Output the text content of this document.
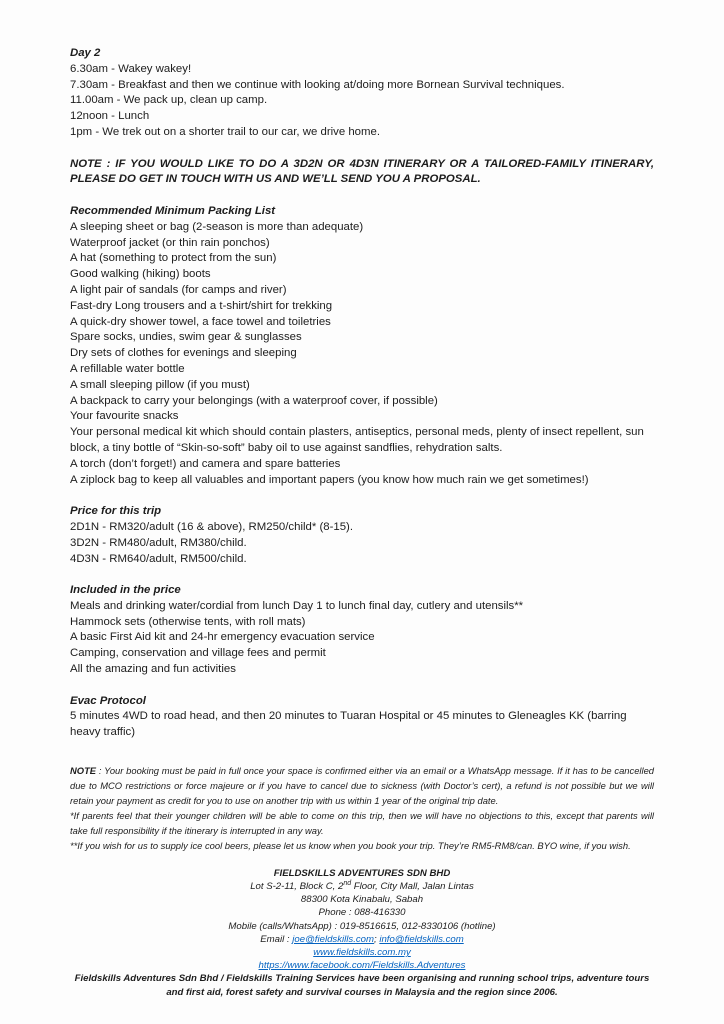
Day 2
6.30am - Wakey wakey!
7.30am - Breakfast and then we continue with looking at/doing more Bornean Survival techniques.
11.00am - We pack up, clean up camp.
12noon - Lunch
1pm - We trek out on a shorter trail to our car, we drive home.
NOTE : IF YOU WOULD LIKE TO DO A 3D2N OR 4D3N ITINERARY OR A TAILORED-FAMILY ITINERARY, PLEASE DO GET IN TOUCH WITH US AND WE’LL SEND YOU A PROPOSAL.
Recommended Minimum Packing List
A sleeping sheet or bag (2-season is more than adequate)
Waterproof jacket (or thin rain ponchos)
A hat (something to protect from the sun)
Good walking (hiking) boots
A light pair of sandals (for camps and river)
Fast-dry Long trousers and a t-shirt/shirt for trekking
A quick-dry shower towel, a face towel and toiletries
Spare socks, undies, swim gear & sunglasses
Dry sets of clothes for evenings and sleeping
A refillable water bottle
A small sleeping pillow (if you must)
A backpack to carry your belongings (with a waterproof cover, if possible)
Your favourite snacks
Your personal medical kit which should contain plasters, antiseptics, personal meds, plenty of insect repellent, sun block, a tiny bottle of “Skin-so-soft” baby oil to use against sandflies, rehydration salts.
A torch (don’t forget!) and camera and spare batteries
A ziplock bag to keep all valuables and important papers (you know how much rain we get sometimes!)
Price for this trip
2D1N - RM320/adult (16 & above), RM250/child* (8-15).
3D2N - RM480/adult, RM380/child.
4D3N - RM640/adult, RM500/child.
Included in the price
Meals and drinking water/cordial from lunch Day 1 to lunch final day, cutlery and utensils**
Hammock sets (otherwise tents, with roll mats)
A basic First Aid kit and 24-hr emergency evacuation service
Camping, conservation and village fees and permit
All the amazing and fun activities
Evac Protocol
5 minutes 4WD to road head, and then 20 minutes to Tuaran Hospital or 45 minutes to Gleneagles KK (barring heavy traffic)
NOTE : Your booking must be paid in full once your space is confirmed either via an email or a WhatsApp message. If it has to be cancelled due to MCO restrictions or force majeure or if you have to cancel due to sickness (with Doctor’s cert), a refund is not possible but we will retain your payment as credit for you to use on another trip with us within 1 year of the original trip date.
*If parents feel that their younger children will be able to come on this trip, then we will have no objections to this, except that parents will take full responsibility if the itinerary is interrupted in any way.
**If you wish for us to supply ice cool beers, please let us know when you book your trip. They’re RM5-RM8/can. BYO wine, if you wish.
FIELDSKILLS ADVENTURES SDN BHD
Lot S-2-11, Block C, 2nd Floor, City Mall, Jalan Lintas
88300 Kota Kinabalu, Sabah
Phone : 088-416330
Mobile (calls/WhatsApp) : 019-8516615, 012-8330106 (hotline)
Email : joe@fieldskills.com; info@fieldskills.com
www.fieldskills.com.my
https://www.facebook.com/Fieldskills.Adventures
Fieldskills Adventures Sdn Bhd / Fieldskills Training Services have been organising and running school trips, adventure tours and first aid, forest safety and survival courses in Malaysia and the region since 2006.
